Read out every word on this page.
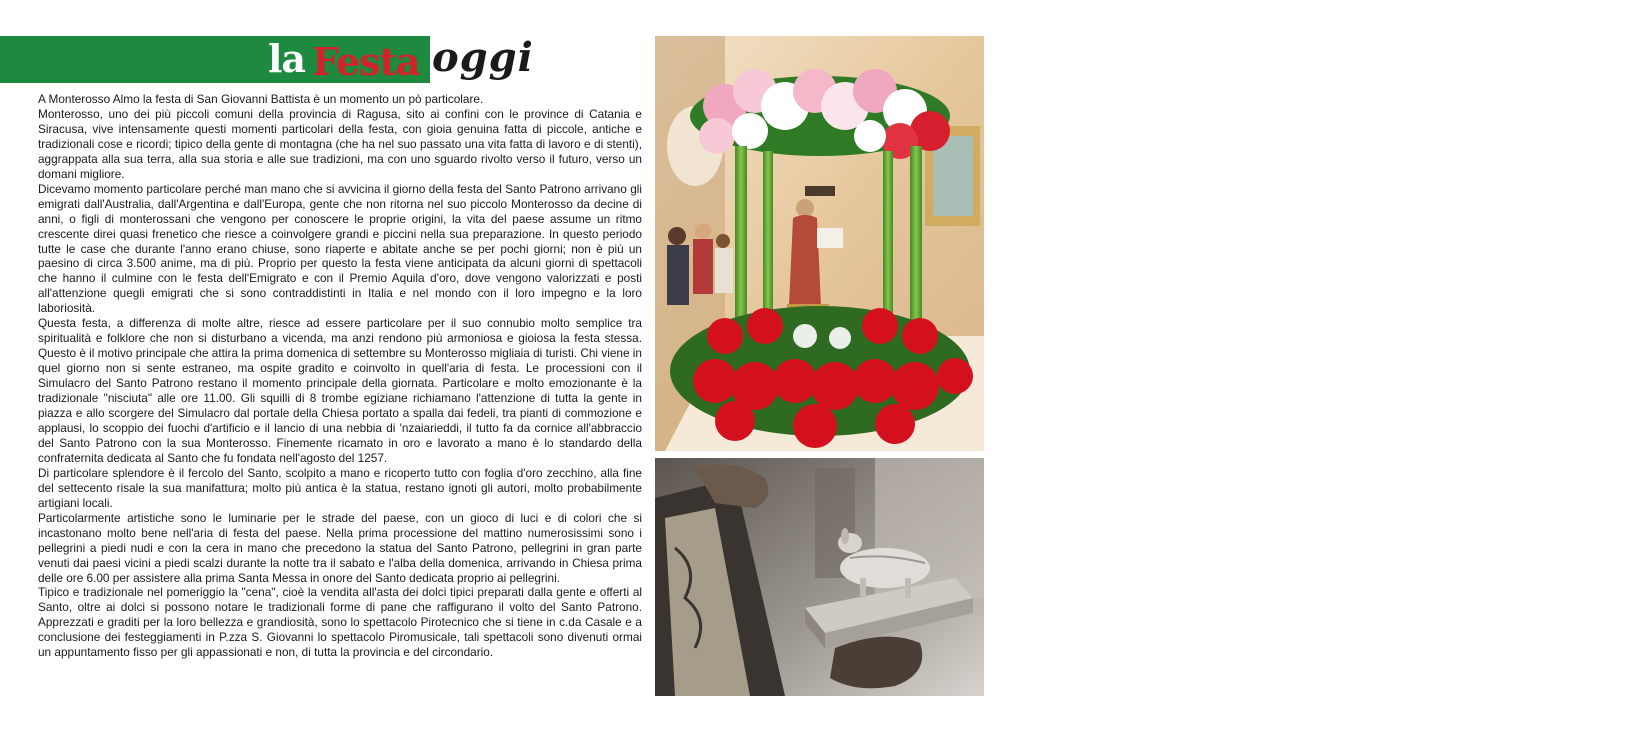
la Festa oggi

A Monterosso Almo la festa di San Giovanni Battista è un momento un pò particolare.

Monterosso, uno dei più piccoli comuni della provincia di Ragusa, sito ai confini con le province di Catania e Siracusa, vive intensamente questi momenti particolari della festa, con gioia genuina fatta di piccole, antiche e tradizionali cose e ricordi; tipico della gente di montagna (che ha nel suo passato una vita fatta di lavoro e di stenti), aggrappata alla sua terra, alla sua storia e alle sue tradizioni, ma con uno sguardo rivolto verso il futuro, verso un domani migliore.

Dicevamo momento particolare perché man mano che si avvicina il giorno della festa del Santo Patrono arrivano gli emigrati dall'Australia, dall'Argentina e dall'Europa, gente che non ritorna nel suo piccolo Monterosso da decine di anni, o figli di monterossani che vengono per conoscere le proprie origini, la vita del paese assume un ritmo crescente direi quasi frenetico che riesce a coinvolgere grandi e piccini nella sua preparazione. In questo periodo tutte le case che durante l'anno erano chiuse, sono riaperte e abitate anche se per pochi giorni; non è più un paesino di circa 3.500 anime, ma di più. Proprio per questo la festa viene anticipata da alcuni giorni di spettacoli che hanno il culmine con le festa dell'Emigrato e con il Premio Aquila d'oro, dove vengono valorizzati e posti all'attenzione quegli emigrati che si sono contraddistinti in Italia e nel mondo con il loro impegno e la loro laboriosità.

Questa festa, a differenza di molte altre, riesce ad essere particolare per il suo connubio molto semplice tra spiritualità e folklore che non si disturbano a vicenda, ma anzi rendono più armoniosa e gioiosa la festa stessa. Questo è il motivo principale che attira la prima domenica di settembre su Monterosso migliaia di turisti. Chi viene in quel giorno non si sente estraneo, ma ospite gradito e coinvolto in quell'aria di festa. Le processioni con il Simulacro del Santo Patrono restano il momento principale della giornata. Particolare e molto emozionante è la tradizionale "nisciuta" alle ore 11.00. Gli squilli di 8 trombe egiziane richiamano l'attenzione di tutta la gente in piazza e allo scorgere del Simulacro dal portale della Chiesa portato a spalla dai fedeli, tra pianti di commozione e applausi, lo scoppio dei fuochi d'artificio e il lancio di una nebbia di 'nzaiarieddi, il tutto fa da cornice all'abbraccio del Santo Patrono con la sua Monterosso. Finemente ricamato in oro e lavorato a mano è lo standardo della confraternita dedicata al Santo che fu fondata nell'agosto del 1257.

Di particolare splendore è il fercolo del Santo, scolpito a mano e ricoperto tutto con foglia d'oro zecchino, alla fine del settecento risale la sua manifattura; molto più antica è la statua, restano ignoti gli autori, molto probabilmente artigiani locali.

Particolarmente artistiche sono le luminarie per le strade del paese, con un gioco di luci e di colori che si incastonano molto bene nell'aria di festa del paese. Nella prima processione del mattino numerosissimi sono i pellegrini a piedi nudi e con la cera in mano che precedono la statua del Santo Patrono, pellegrini in gran parte venuti dai paesi vicini a piedi scalzi durante la notte tra il sabato e l'alba della domenica, arrivando in Chiesa prima delle ore 6.00 per assistere alla prima Santa Messa in onore del Santo dedicata proprio ai pellegrini.

Tipico e tradizionale nel pomeriggio la "cena", cioè la vendita all'asta dei dolci tipici preparati dalla gente e offerti al Santo, oltre ai dolci si possono notare le tradizionali forme di pane che raffigurano il volto del Santo Patrono. Apprezzati e graditi per la loro bellezza e grandiosità, sono lo spettacolo Pirotecnico che si tiene in c.da Casale e a conclusione dei festeggiamenti in P.zza S. Giovanni lo spettacolo Piromusicale, tali spettacoli sono divenuti ormai un appuntamento fisso per gli appassionati e non, di tutta la provincia e del circondario.

foto Francesco Amodio
